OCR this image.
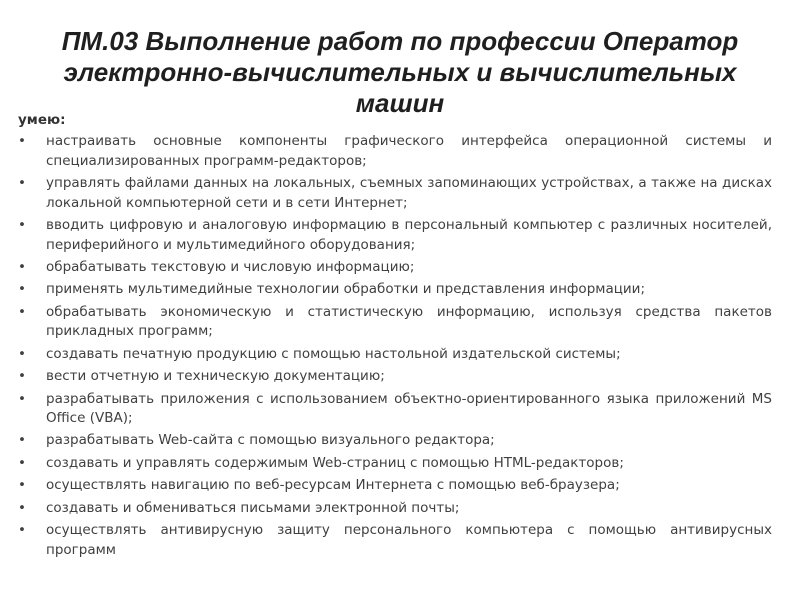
ПМ.03 Выполнение работ по профессии Оператор электронно-вычислительных и вычислительных машин

умею:

• настраивать основные компоненты графического интерфейса операционной системы и специализированных программ-редакторов;
• управлять файлами данных на локальных, съемных запоминающих устройствах, а также на дисках локальной компьютерной сети и в сети Интернет;
• вводить цифровую и аналоговую информацию в персональный компьютер с различных носителей, периферийного и мультимедийного оборудования;
• обрабатывать текстовую и числовую информацию;
• применять мультимедийные технологии обработки и представления информации;
• обрабатывать экономическую и статистическую информацию, используя средства пакетов прикладных программ;
• создавать печатную продукцию с помощью настольной издательской системы;
• вести отчетную и техническую документацию;
• разрабатывать приложения с использованием объектно-ориентированного языка приложений MS Office (VBA);
• разрабатывать Web-сайта с помощью визуального редактора;
• создавать и управлять содержимым Web-страниц с помощью HTML-редакторов;
• осуществлять навигацию по веб-ресурсам Интернета с помощью веб-браузера;
• создавать и обмениваться письмами электронной почты;
• осуществлять антивирусную защиту персонального компьютера с помощью антивирусных программ
